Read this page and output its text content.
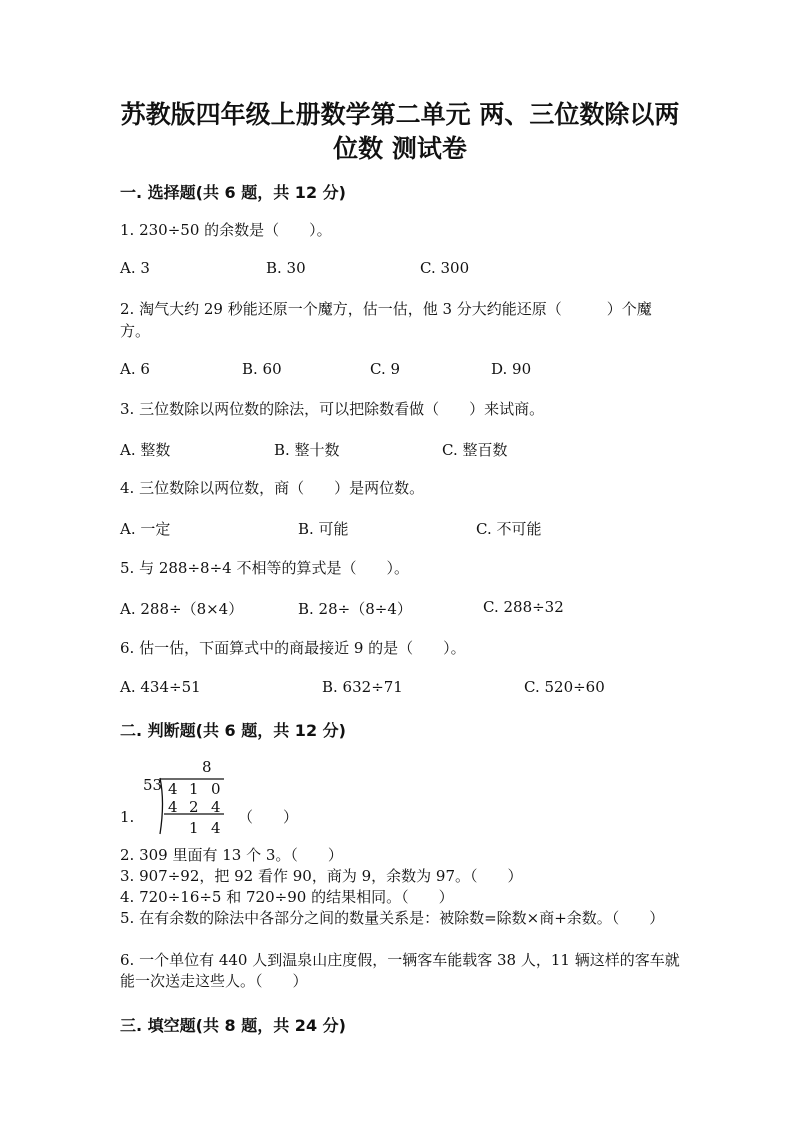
苏教版四年级上册数学第二单元 两、三位数除以两
位数 测试卷
一. 选择题(共 6 题，共 12 分)
1. 230÷50 的余数是（　　）。
A. 3	B. 30	C. 300
2. 淘气大约 29 秒能还原一个魔方，估一估，他 3 分大约能还原（　　　）个魔方。
A. 6	B. 60	C. 9	D. 90
3. 三位数除以两位数的除法，可以把除数看做（　　）来试商。
A. 整数	B. 整十数	C. 整百数
4. 三位数除以两位数，商（　　）是两位数。
A. 一定	B. 可能	C. 不可能
5. 与 288÷8÷4 不相等的算式是（　　）。
A. 288÷（8×4）	B. 28÷（8÷4）	C. 288÷32
6. 估一估，下面算式中的商最接近 9 的是（　　）。
A. 434÷51	B. 632÷71	C. 520÷60
二. 判断题(共 6 题，共 12 分)
1.
8
53 4 1 0
4 2 4
1 4
（　　）
2. 309 里面有 13 个 3。（　　）
3. 907÷92，把 92 看作 90，商为 9，余数为 97。（　　）
4. 720÷16÷5 和 720÷90 的结果相同。（　　）
5. 在有余数的除法中各部分之间的数量关系是：被除数=除数×商+余数。（　　）
6. 一个单位有 440 人到温泉山庄度假，一辆客车能载客 38 人，11 辆这样的客车就能一次送走这些人。（　　）
三. 填空题(共 8 题，共 24 分)
